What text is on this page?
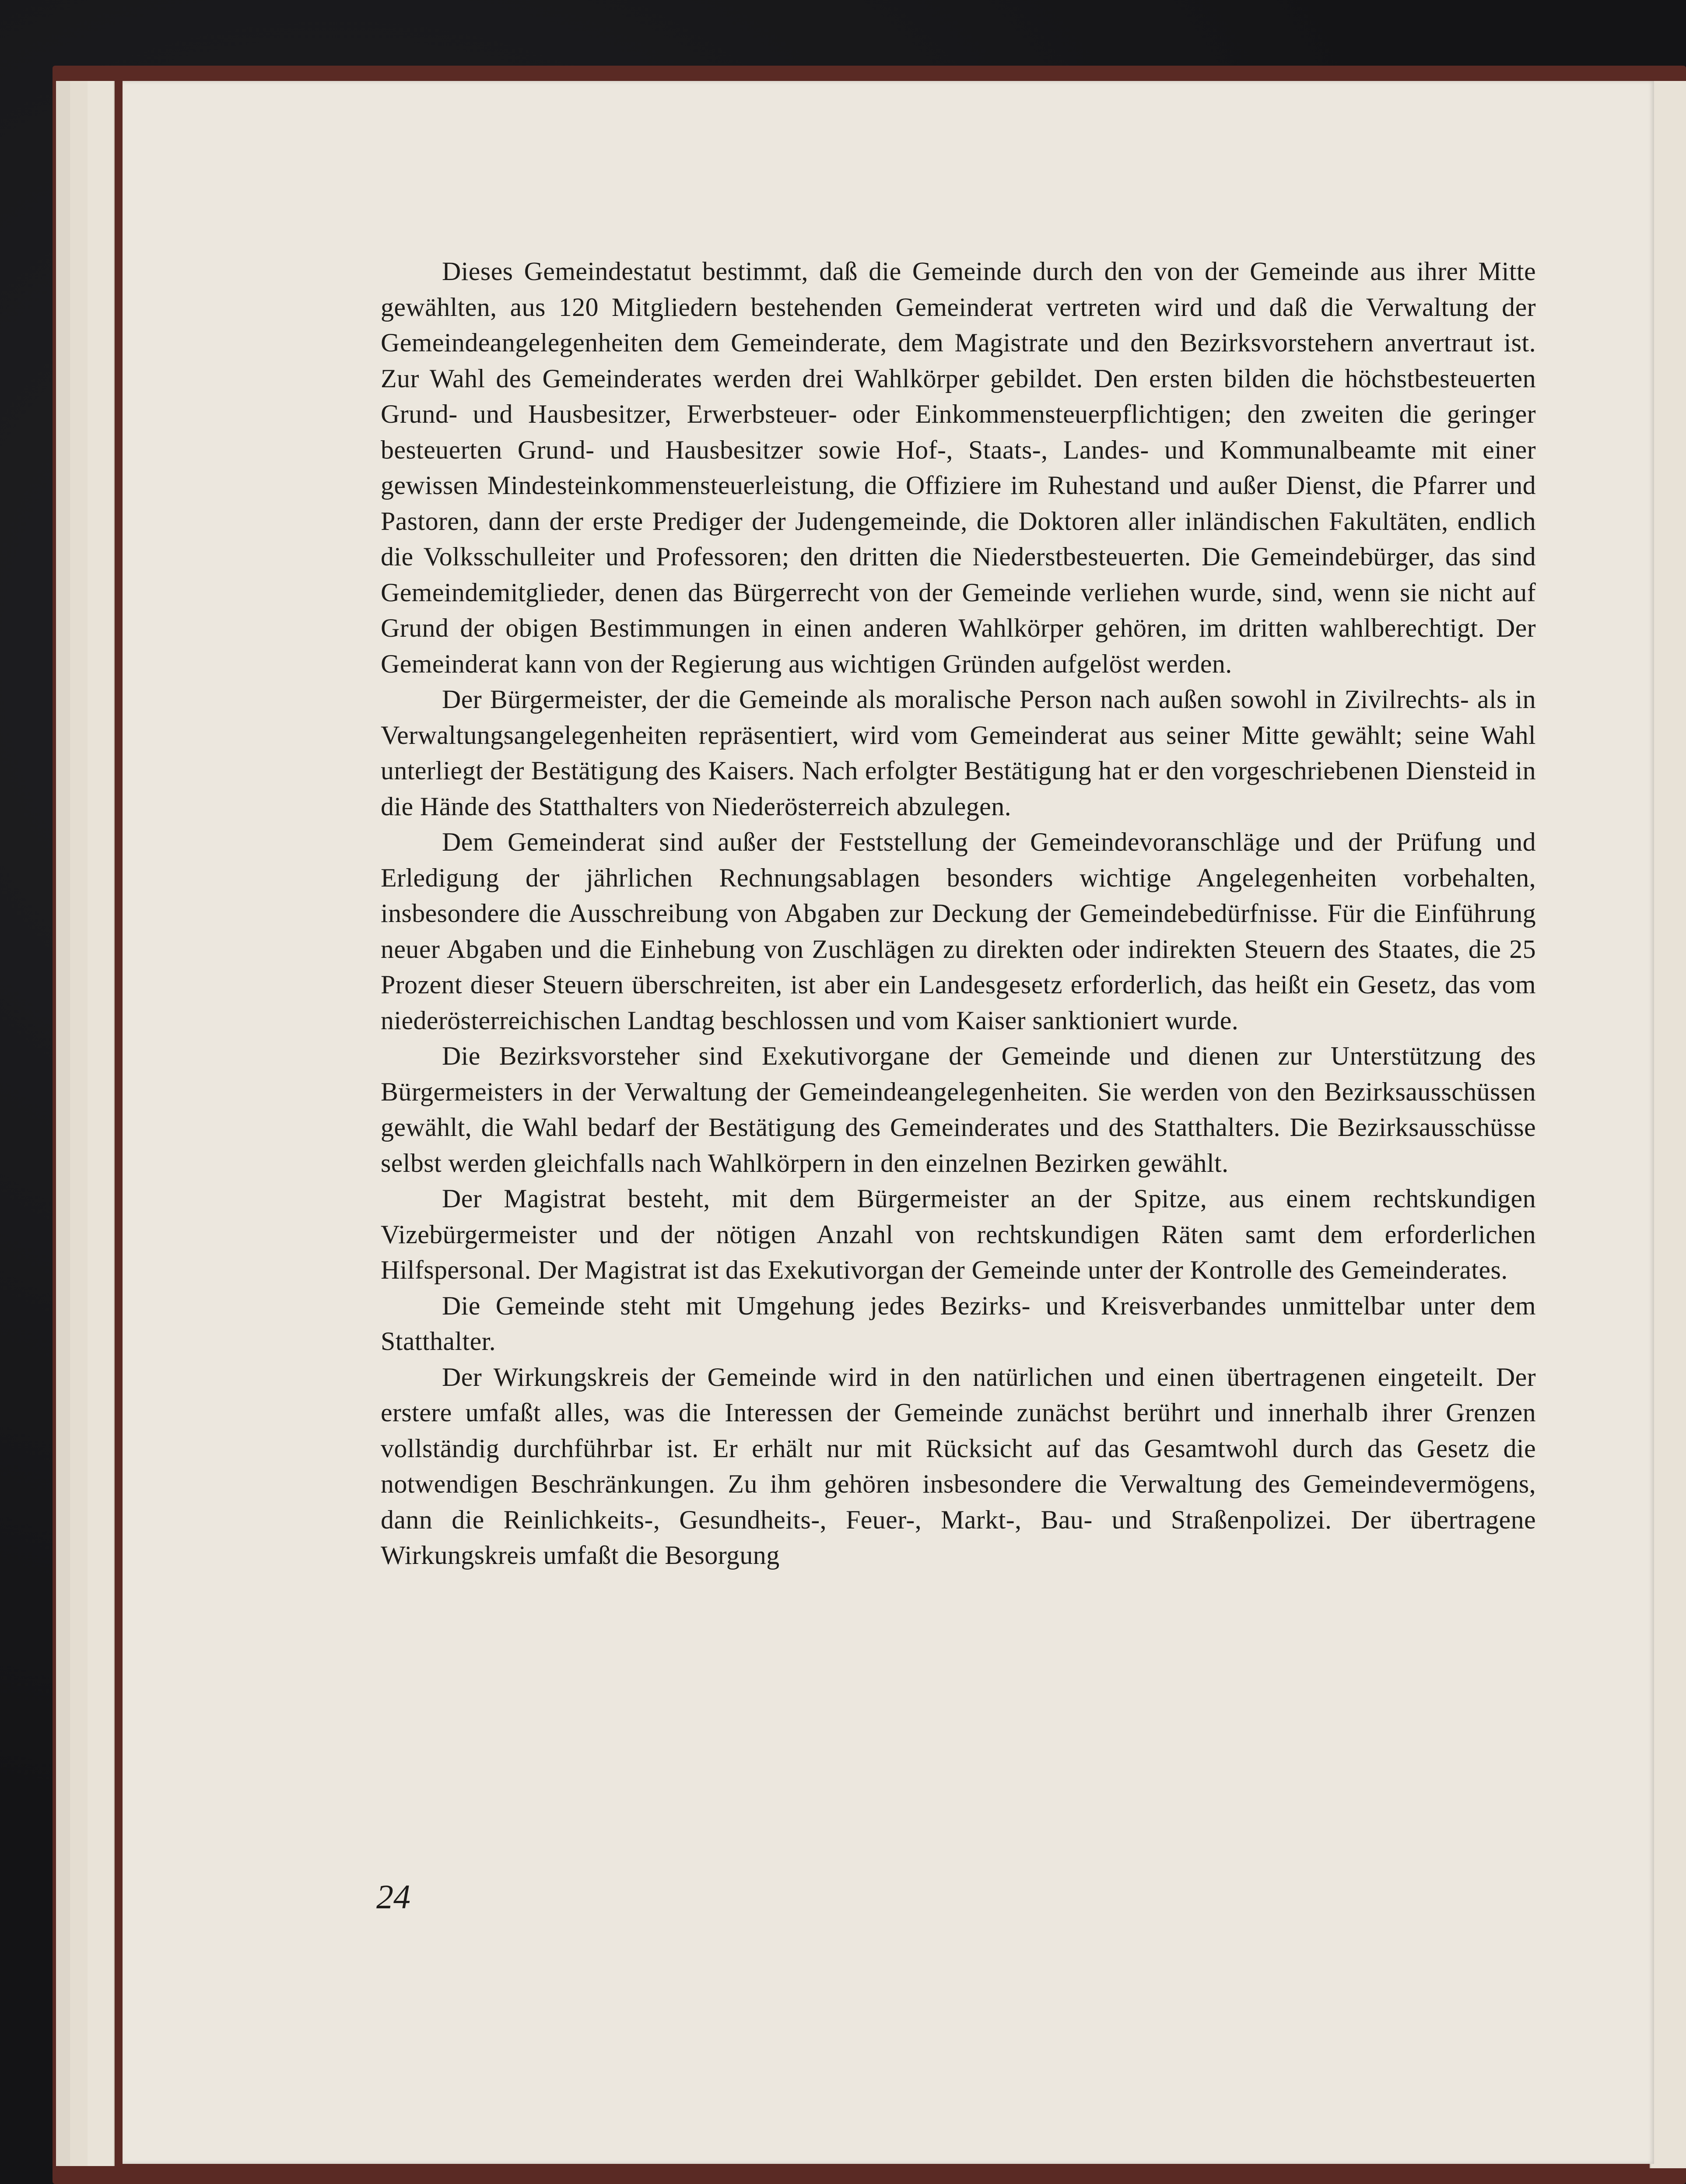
Dieses Gemeindestatut bestimmt, daß die Gemeinde durch den von der Gemeinde aus ihrer Mitte gewählten, aus 120 Mitgliedern bestehenden Gemeinderat vertreten wird und daß die Verwaltung der Gemeindeangelegenheiten dem Gemeinderate, dem Magistrate und den Bezirksvorstehern anvertraut ist. Zur Wahl des Gemeinderates werden drei Wahlkörper gebildet. Den ersten bilden die höchstbesteuerten Grund- und Hausbesitzer, Erwerbsteuer- oder Einkommensteuerpflichtigen; den zweiten die geringer besteuerten Grund- und Hausbesitzer sowie Hof-, Staats-, Landes- und Kommunalbeamte mit einer gewissen Mindesteinkommensteuerleistung, die Offiziere im Ruhestand und außer Dienst, die Pfarrer und Pastoren, dann der erste Prediger der Judengemeinde, die Doktoren aller inländischen Fakultäten, endlich die Volksschulleiter und Professoren; den dritten die Niederstbesteuerten. Die Gemeindebürger, das sind Gemeindemitglieder, denen das Bürgerrecht von der Gemeinde verliehen wurde, sind, wenn sie nicht auf Grund der obigen Bestimmungen in einen anderen Wahlkörper gehören, im dritten wahlberechtigt. Der Gemeinderat kann von der Regierung aus wichtigen Gründen aufgelöst werden.

Der Bürgermeister, der die Gemeinde als moralische Person nach außen sowohl in Zivilrechts- als in Verwaltungsangelegenheiten repräsentiert, wird vom Gemeinderat aus seiner Mitte gewählt; seine Wahl unterliegt der Bestätigung des Kaisers. Nach erfolgter Bestätigung hat er den vorgeschriebenen Diensteid in die Hände des Statthalters von Niederösterreich abzulegen.

Dem Gemeinderat sind außer der Feststellung der Gemeindevoranschläge und der Prüfung und Erledigung der jährlichen Rechnungsablagen besonders wichtige Angelegenheiten vorbehalten, insbesondere die Ausschreibung von Abgaben zur Deckung der Gemeindebedürfnisse. Für die Einführung neuer Abgaben und die Einhebung von Zuschlägen zu direkten oder indirekten Steuern des Staates, die 25 Prozent dieser Steuern überschreiten, ist aber ein Landesgesetz erforderlich, das heißt ein Gesetz, das vom niederösterreichischen Landtag beschlossen und vom Kaiser sanktioniert wurde.

Die Bezirksvorsteher sind Exekutivorgane der Gemeinde und dienen zur Unterstützung des Bürgermeisters in der Verwaltung der Gemeindeangelegenheiten. Sie werden von den Bezirksausschüssen gewählt, die Wahl bedarf der Bestätigung des Gemeinderates und des Statthalters. Die Bezirksausschüsse selbst werden gleichfalls nach Wahlkörpern in den einzelnen Bezirken gewählt.

Der Magistrat besteht, mit dem Bürgermeister an der Spitze, aus einem rechtskundigen Vizebürgermeister und der nötigen Anzahl von rechtskundigen Räten samt dem erforderlichen Hilfspersonal. Der Magistrat ist das Exekutivorgan der Gemeinde unter der Kontrolle des Gemeinderates.

Die Gemeinde steht mit Umgehung jedes Bezirks- und Kreisverbandes unmittelbar unter dem Statthalter.

Der Wirkungskreis der Gemeinde wird in den natürlichen und einen übertragenen eingeteilt. Der erstere umfaßt alles, was die Interessen der Gemeinde zunächst berührt und innerhalb ihrer Grenzen vollständig durchführbar ist. Er erhält nur mit Rücksicht auf das Gesamtwohl durch das Gesetz die notwendigen Beschränkungen. Zu ihm gehören insbesondere die Verwaltung des Gemeindevermögens, dann die Reinlichkeits-, Gesundheits-, Feuer-, Markt-, Bau- und Straßenpolizei. Der übertragene Wirkungskreis umfaßt die Besorgung

24
